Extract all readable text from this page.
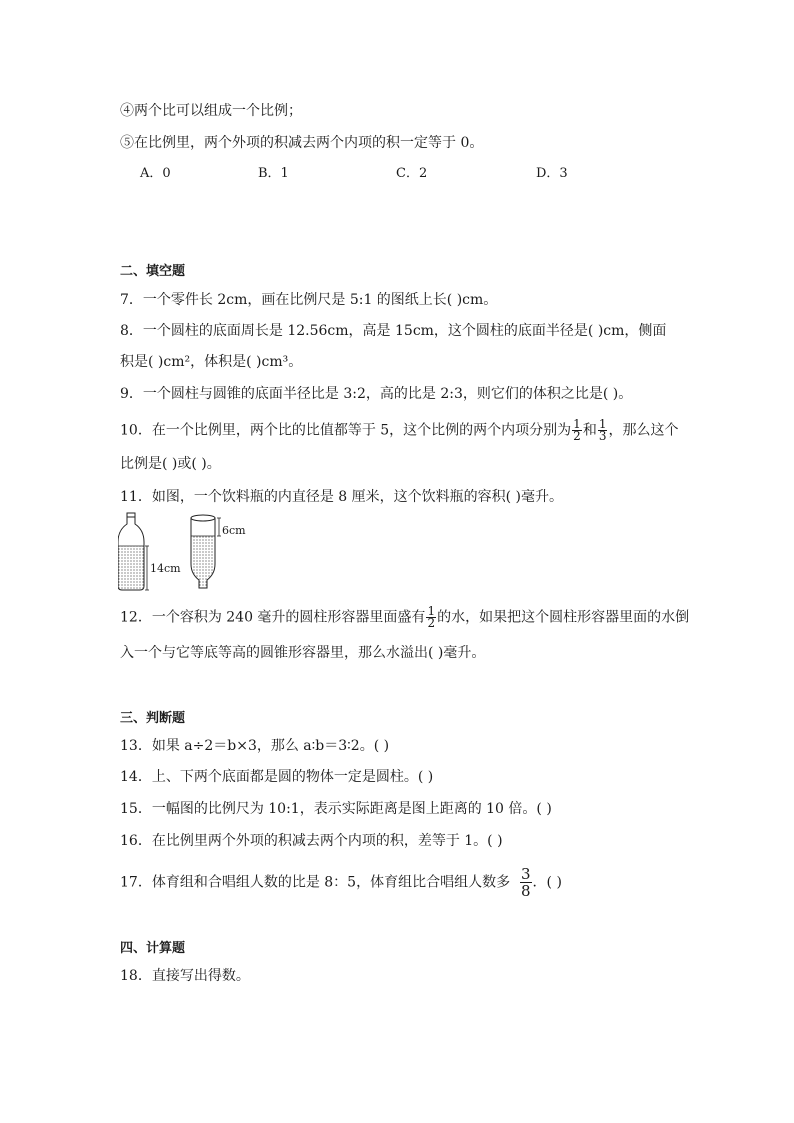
④两个比可以组成一个比例；
⑤在比例里，两个外项的积减去两个内项的积一定等于 0。
A．0	B．1	C．2	D．3
二、填空题
7．一个零件长 2cm，画在比例尺是 5:1 的图纸上长( )cm。
8．一个圆柱的底面周长是 12.56cm，高是 15cm，这个圆柱的底面半径是( )cm，侧面
积是( )cm²，体积是( )cm³。
9．一个圆柱与圆锥的底面半径比是 3:2，高的比是 2:3，则它们的体积之比是( )。
10．在一个比例里，两个比的比值都等于 5，这个比例的两个内项分别为 $\frac{1}{2}$ 和 $\frac{1}{3}$ ，那么这个
比例是( )或( )。
11．如图，一个饮料瓶的内直径是 8 厘米，这个饮料瓶的容积( )毫升。
6cm
14cm
12．一个容积为 240 毫升的圆柱形容器里面盛有 $\frac{1}{2}$ 的水，如果把这个圆柱形容器里面的水倒
入一个与它等底等高的圆锥形容器里，那么水溢出( )毫升。
三、判断题
13．如果 a÷2＝b×3，那么 a∶b＝3∶2。( )
14．上、下两个底面都是圆的物体一定是圆柱。( )
15．一幅图的比例尺为 10:1，表示实际距离是图上距离的 10 倍。( )
16．在比例里两个外项的积减去两个内项的积，差等于 1。( )
17．体育组和合唱组人数的比是 8：5，体育组比合唱组人数多 $\frac{3}{8}$ ．( )
四、计算题
18．直接写出得数。
